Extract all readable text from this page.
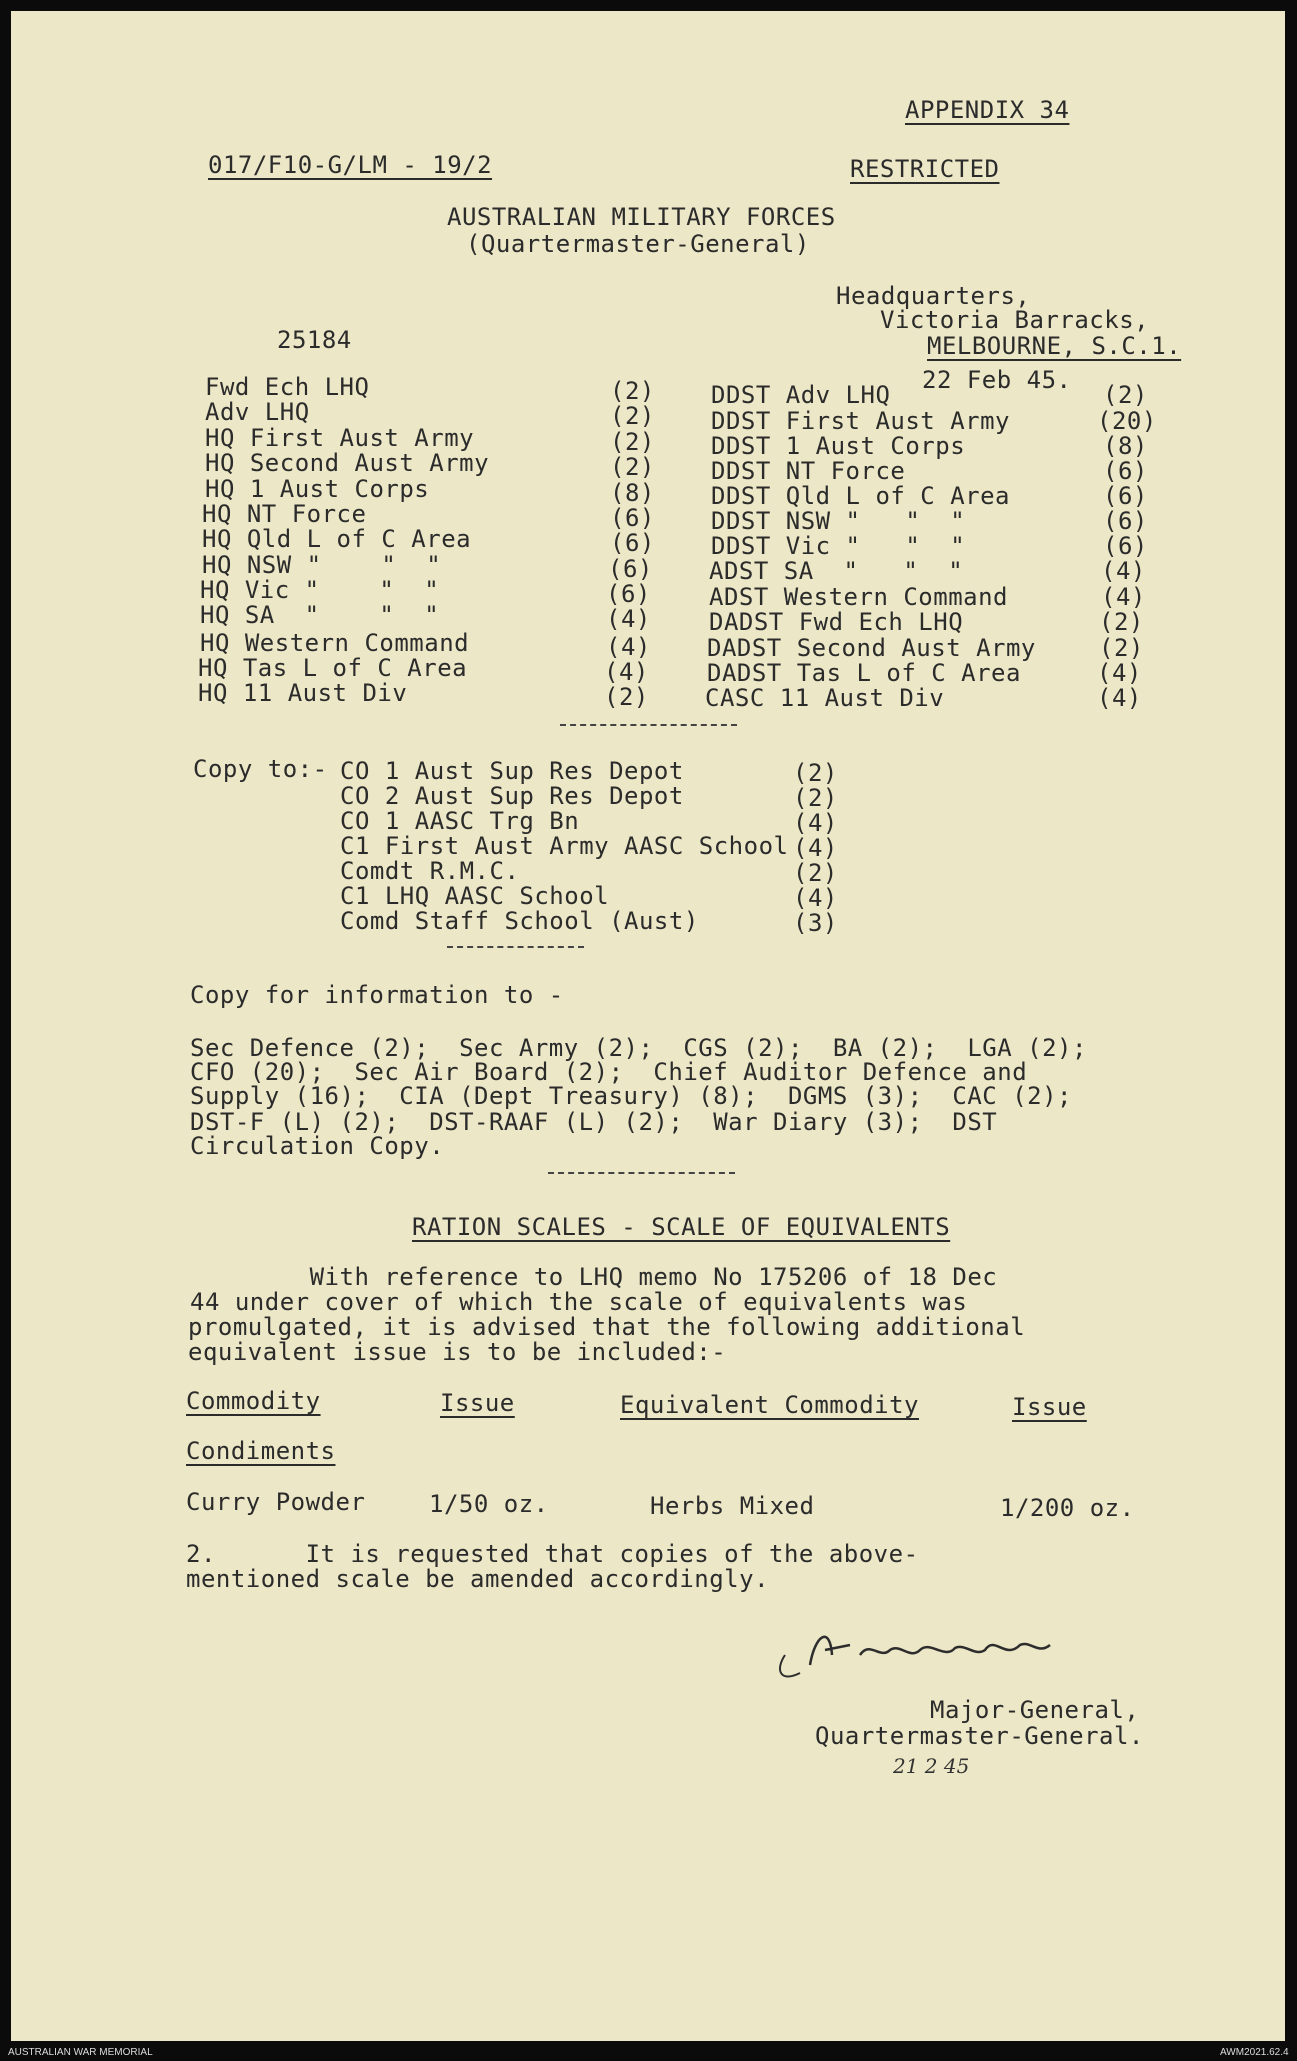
APPENDIX 34
017/F10-G/LM - 19/2	RESTRICTED
AUSTRALIAN MILITARY FORCES
(Quartermaster-General)
Headquarters,
Victoria Barracks,
MELBOURNE, S.C.1.
25184
22 Feb 45.
Fwd Ech LHQ	(2)
Adv LHQ	(2)
HQ First Aust Army	(2)
HQ Second Aust Army	(2)
HQ 1 Aust Corps	(8)
HQ NT Force	(6)
HQ Qld L of C Area	(6)
HQ NSW "    "  "	(6)
HQ Vic "    "  "	(6)
HQ SA  "    "  "	(4)
HQ Western Command	(4)
HQ Tas L of C Area	(4)
HQ 11 Aust Div	(2)
DDST Adv LHQ	(2)
DDST First Aust Army	(20)
DDST 1 Aust Corps	(8)
DDST NT Force	(6)
DDST Qld L of C Area	(6)
DDST NSW "   "  "	(6)
DDST Vic "   "  "	(6)
ADST SA  "   "  "	(4)
ADST Western Command	(4)
DADST Fwd Ech LHQ	(2)
DADST Second Aust Army	(2)
DADST Tas L of C Area	(4)
CASC 11 Aust Div	(4)
Copy to:- CO 1 Aust Sup Res Depot	(2)
CO 2 Aust Sup Res Depot	(2)
CO 1 AASC Trg Bn	(4)
C1 First Aust Army AASC School (4)
Comdt R.M.C.	(2)
C1 LHQ AASC School	(4)
Comd Staff School (Aust)	(3)
Copy for information to -
Sec Defence (2);  Sec Army (2);  CGS (2);  BA (2);  LGA (2);
CFO (20);  Sec Air Board (2);  Chief Auditor Defence and
Supply (16);  CIA (Dept Treasury) (8);  DGMS (3);  CAC (2);
DST-F (L) (2);  DST-RAAF (L) (2);  War Diary (3);  DST
Circulation Copy.
RATION SCALES - SCALE OF EQUIVALENTS
With reference to LHQ memo No 175206 of 18 Dec
44 under cover of which the scale of equivalents was
promulgated, it is advised that the following additional
equivalent issue is to be included:-
Commodity	Issue	Equivalent Commodity	Issue
Condiments
Curry Powder	1/50 oz.	Herbs Mixed	1/200 oz.
2.      It is requested that copies of the above-
mentioned scale be amended accordingly.
Major-General,
Quartermaster-General.
21 2 45
AUSTRALIAN WAR MEMORIAL	AWM2021.62.4
